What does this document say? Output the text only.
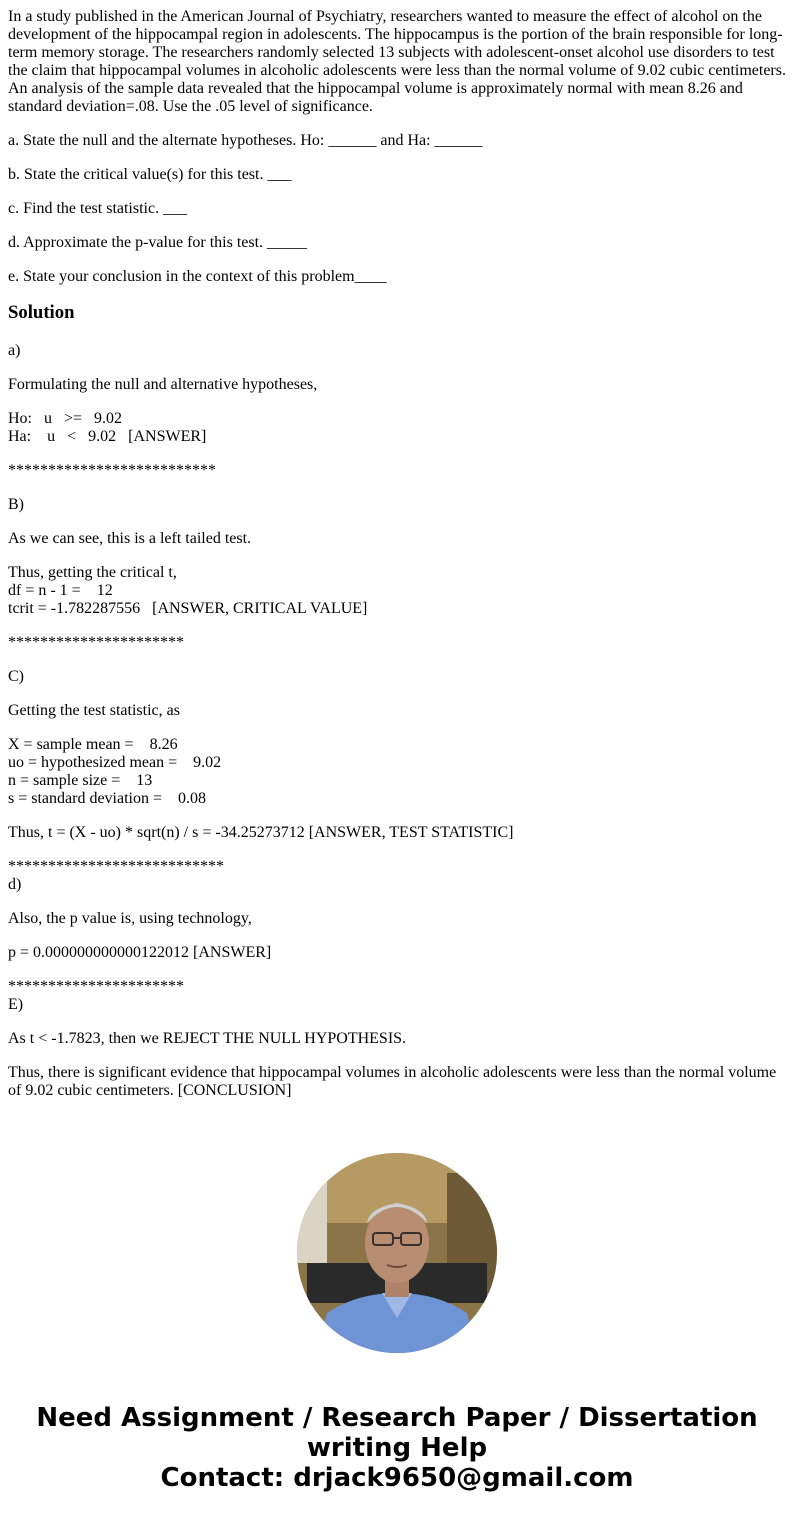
In a study published in the American Journal of Psychiatry, researchers wanted to measure the effect of alcohol on the development of the hippocampal region in adolescents. The hippocampus is the portion of the brain responsible for long-term memory storage. The researchers randomly selected 13 subjects with adolescent-onset alcohol use disorders to test the claim that hippocampal volumes in alcoholic adolescents were less than the normal volume of 9.02 cubic centimeters. An analysis of the sample data revealed that the hippocampal volume is approximately normal with mean 8.26 and standard deviation=.08. Use the .05 level of significance.

a. State the null and the alternate hypotheses. Ho: ______ and Ha: ______

b. State the critical value(s) for this test. ___

c. Find the test statistic. ___

d. Approximate the p-value for this test. _____

e. State your conclusion in the context of this problem____

Solution

a)

Formulating the null and alternative hypotheses,

Ho:   u   >=   9.02
Ha:    u   <   9.02   [ANSWER]

**************************

B)

As we can see, this is a left tailed test.

Thus, getting the critical t,
df = n - 1 =    12
tcrit = -1.782287556   [ANSWER, CRITICAL VALUE]

**********************

C)

Getting the test statistic, as

X = sample mean =    8.26
uo = hypothesized mean =    9.02
n = sample size =    13
s = standard deviation =    0.08

Thus, t = (X - uo) * sqrt(n) / s = -34.25273712 [ANSWER, TEST STATISTIC]

***************************
d)

Also, the p value is, using technology,

p = 0.000000000000122012 [ANSWER]

**********************
E)

As t < -1.7823, then we REJECT THE NULL HYPOTHESIS.

Thus, there is significant evidence that hippocampal volumes in alcoholic adolescents were less than the normal volume of 9.02 cubic centimeters. [CONCLUSION]

Need Assignment / Research Paper / Dissertation
writing Help
Contact: drjack9650@gmail.com
